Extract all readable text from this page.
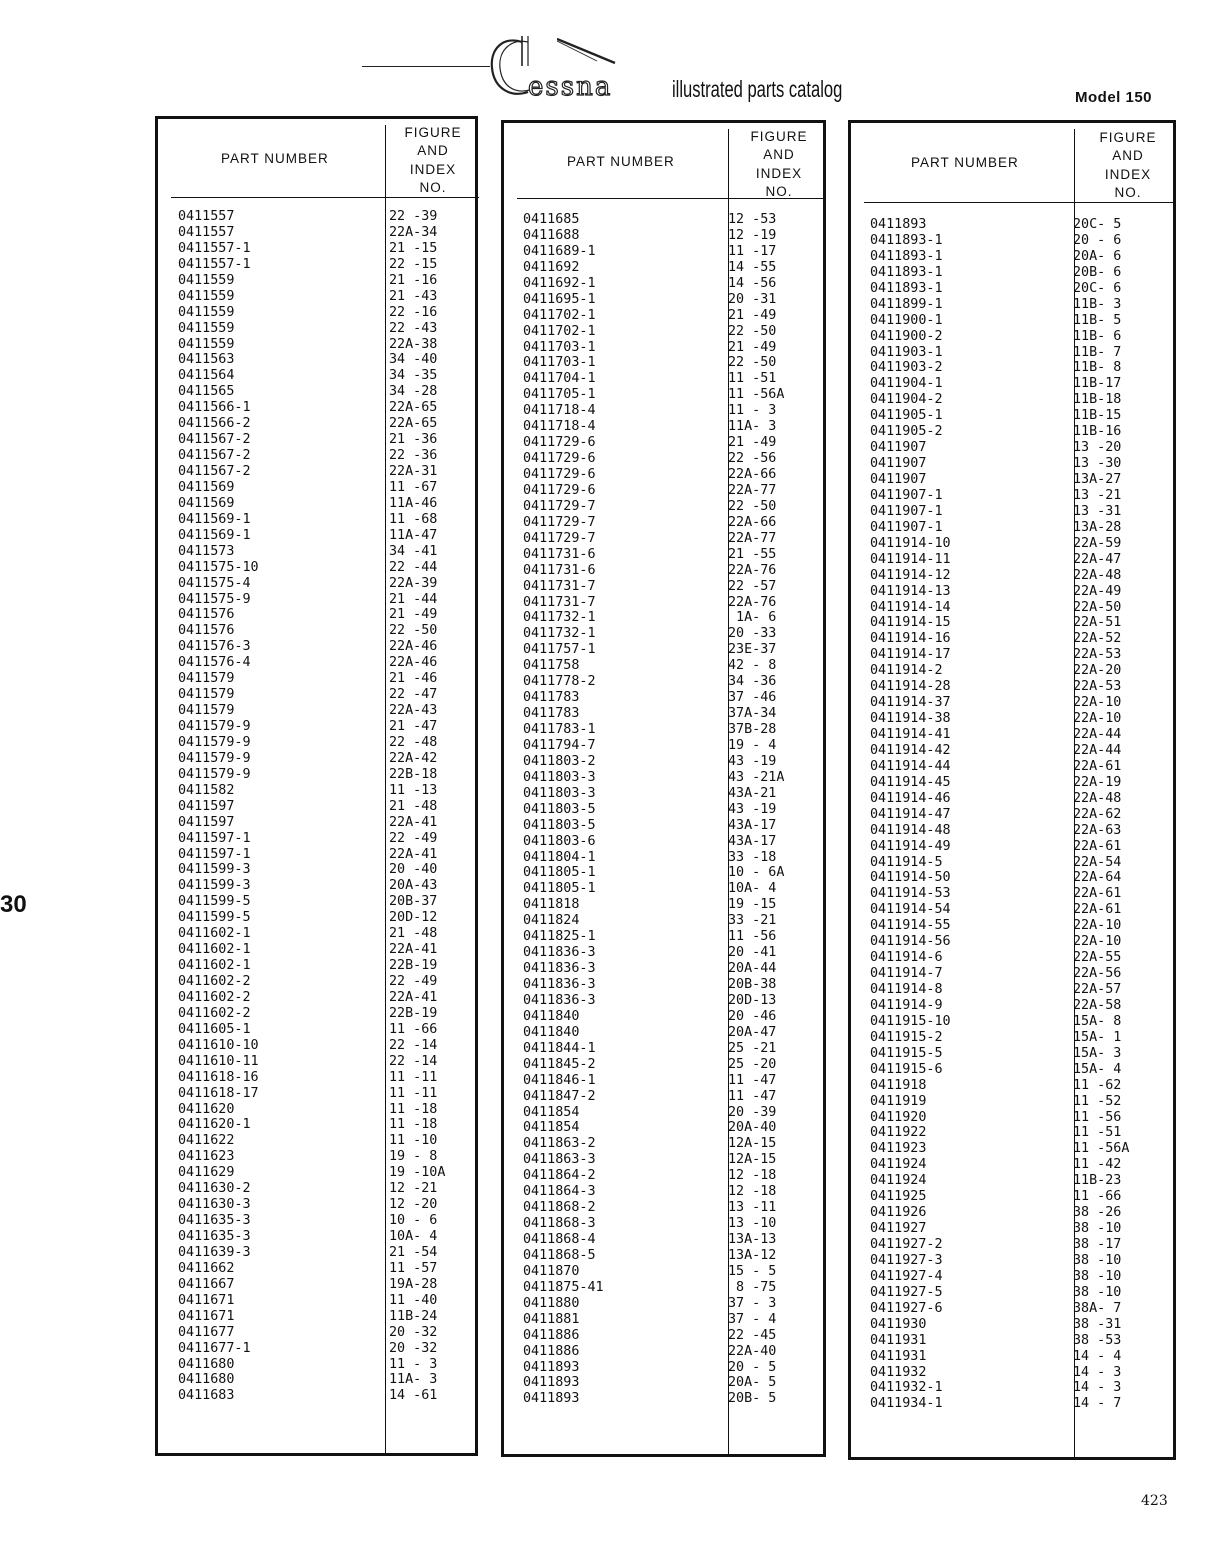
essna	illustrated parts catalog	Model 150
30
423
PART NUMBER
FIGURE
AND
INDEX
NO.
0411557	22 -39
0411557	22A-34
0411557-1	21 -15
0411557-1	22 -15
0411559	21 -16
0411559	21 -43
0411559	22 -16
0411559	22 -43
0411559	22A-38
0411563	34 -40
0411564	34 -35
0411565	34 -28
0411566-1	22A-65
0411566-2	22A-65
0411567-2	21 -36
0411567-2	22 -36
0411567-2	22A-31
0411569	11 -67
0411569	11A-46
0411569-1	11 -68
0411569-1	11A-47
0411573	34 -41
0411575-10	22 -44
0411575-4	22A-39
0411575-9	21 -44
0411576	21 -49
0411576	22 -50
0411576-3	22A-46
0411576-4	22A-46
0411579	21 -46
0411579	22 -47
0411579	22A-43
0411579-9	21 -47
0411579-9	22 -48
0411579-9	22A-42
0411579-9	22B-18
0411582	11 -13
0411597	21 -48
0411597	22A-41
0411597-1	22 -49
0411597-1	22A-41
0411599-3	20 -40
0411599-3	20A-43
0411599-5	20B-37
0411599-5	20D-12
0411602-1	21 -48
0411602-1	22A-41
0411602-1	22B-19
0411602-2	22 -49
0411602-2	22A-41
0411602-2	22B-19
0411605-1	11 -66
0411610-10	22 -14
0411610-11	22 -14
0411618-16	11 -11
0411618-17	11 -11
0411620	11 -18
0411620-1	11 -18
0411622	11 -10
0411623	19 - 8
0411629	19 -10A
0411630-2	12 -21
0411630-3	12 -20
0411635-3	10 - 6
0411635-3	10A- 4
0411639-3	21 -54
0411662	11 -57
0411667	19A-28
0411671	11 -40
0411671	11B-24
0411677	20 -32
0411677-1	20 -32
0411680	11 - 3
0411680	11A- 3
0411683	14 -61
PART NUMBER
FIGURE
AND
INDEX
NO.
0411685	12 -53
0411688	12 -19
0411689-1	11 -17
0411692	14 -55
0411692-1	14 -56
0411695-1	20 -31
0411702-1	21 -49
0411702-1	22 -50
0411703-1	21 -49
0411703-1	22 -50
0411704-1	11 -51
0411705-1	11 -56A
0411718-4	11 - 3
0411718-4	11A- 3
0411729-6	21 -49
0411729-6	22 -56
0411729-6	22A-66
0411729-6	22A-77
0411729-7	22 -50
0411729-7	22A-66
0411729-7	22A-77
0411731-6	21 -55
0411731-6	22A-76
0411731-7	22 -57
0411731-7	22A-76
0411732-1	1A- 6
0411732-1	20 -33
0411757-1	23E-37
0411758	42 - 8
0411778-2	34 -36
0411783	37 -46
0411783	37A-34
0411783-1	37B-28
0411794-7	19 - 4
0411803-2	43 -19
0411803-3	43 -21A
0411803-3	43A-21
0411803-5	43 -19
0411803-5	43A-17
0411803-6	43A-17
0411804-1	33 -18
0411805-1	10 - 6A
0411805-1	10A- 4
0411818	19 -15
0411824	33 -21
0411825-1	11 -56
0411836-3	20 -41
0411836-3	20A-44
0411836-3	20B-38
0411836-3	20D-13
0411840	20 -46
0411840	20A-47
0411844-1	25 -21
0411845-2	25 -20
0411846-1	11 -47
0411847-2	11 -47
0411854	20 -39
0411854	20A-40
0411863-2	12A-15
0411863-3	12A-15
0411864-2	12 -18
0411864-3	12 -18
0411868-2	13 -11
0411868-3	13 -10
0411868-4	13A-13
0411868-5	13A-12
0411870	15 - 5
0411875-41	8 -75
0411880	37 - 3
0411881	37 - 4
0411886	22 -45
0411886	22A-40
0411893	20 - 5
0411893	20A- 5
0411893	20B- 5
PART NUMBER
FIGURE
AND
INDEX
NO.
0411893	20C- 5
0411893-1	20 - 6
0411893-1	20A- 6
0411893-1	20B- 6
0411893-1	20C- 6
0411899-1	11B- 3
0411900-1	11B- 5
0411900-2	11B- 6
0411903-1	11B- 7
0411903-2	11B- 8
0411904-1	11B-17
0411904-2	11B-18
0411905-1	11B-15
0411905-2	11B-16
0411907	13 -20
0411907	13 -30
0411907	13A-27
0411907-1	13 -21
0411907-1	13 -31
0411907-1	13A-28
0411914-10	22A-59
0411914-11	22A-47
0411914-12	22A-48
0411914-13	22A-49
0411914-14	22A-50
0411914-15	22A-51
0411914-16	22A-52
0411914-17	22A-53
0411914-2	22A-20
0411914-28	22A-53
0411914-37	22A-10
0411914-38	22A-10
0411914-41	22A-44
0411914-42	22A-44
0411914-44	22A-61
0411914-45	22A-19
0411914-46	22A-48
0411914-47	22A-62
0411914-48	22A-63
0411914-49	22A-61
0411914-5	22A-54
0411914-50	22A-64
0411914-53	22A-61
0411914-54	22A-61
0411914-55	22A-10
0411914-56	22A-10
0411914-6	22A-55
0411914-7	22A-56
0411914-8	22A-57
0411914-9	22A-58
0411915-10	15A- 8
0411915-2	15A- 1
0411915-5	15A- 3
0411915-6	15A- 4
0411918	11 -62
0411919	11 -52
0411920	11 -56
0411922	11 -51
0411923	11 -56A
0411924	11 -42
0411924	11B-23
0411925	11 -66
0411926	38 -26
0411927	38 -10
0411927-2	38 -17
0411927-3	38 -10
0411927-4	38 -10
0411927-5	38 -10
0411927-6	38A- 7
0411930	38 -31
0411931	38 -53
0411931	14 - 4
0411932	14 - 3
0411932-1	14 - 3
0411934-1	14 - 7
